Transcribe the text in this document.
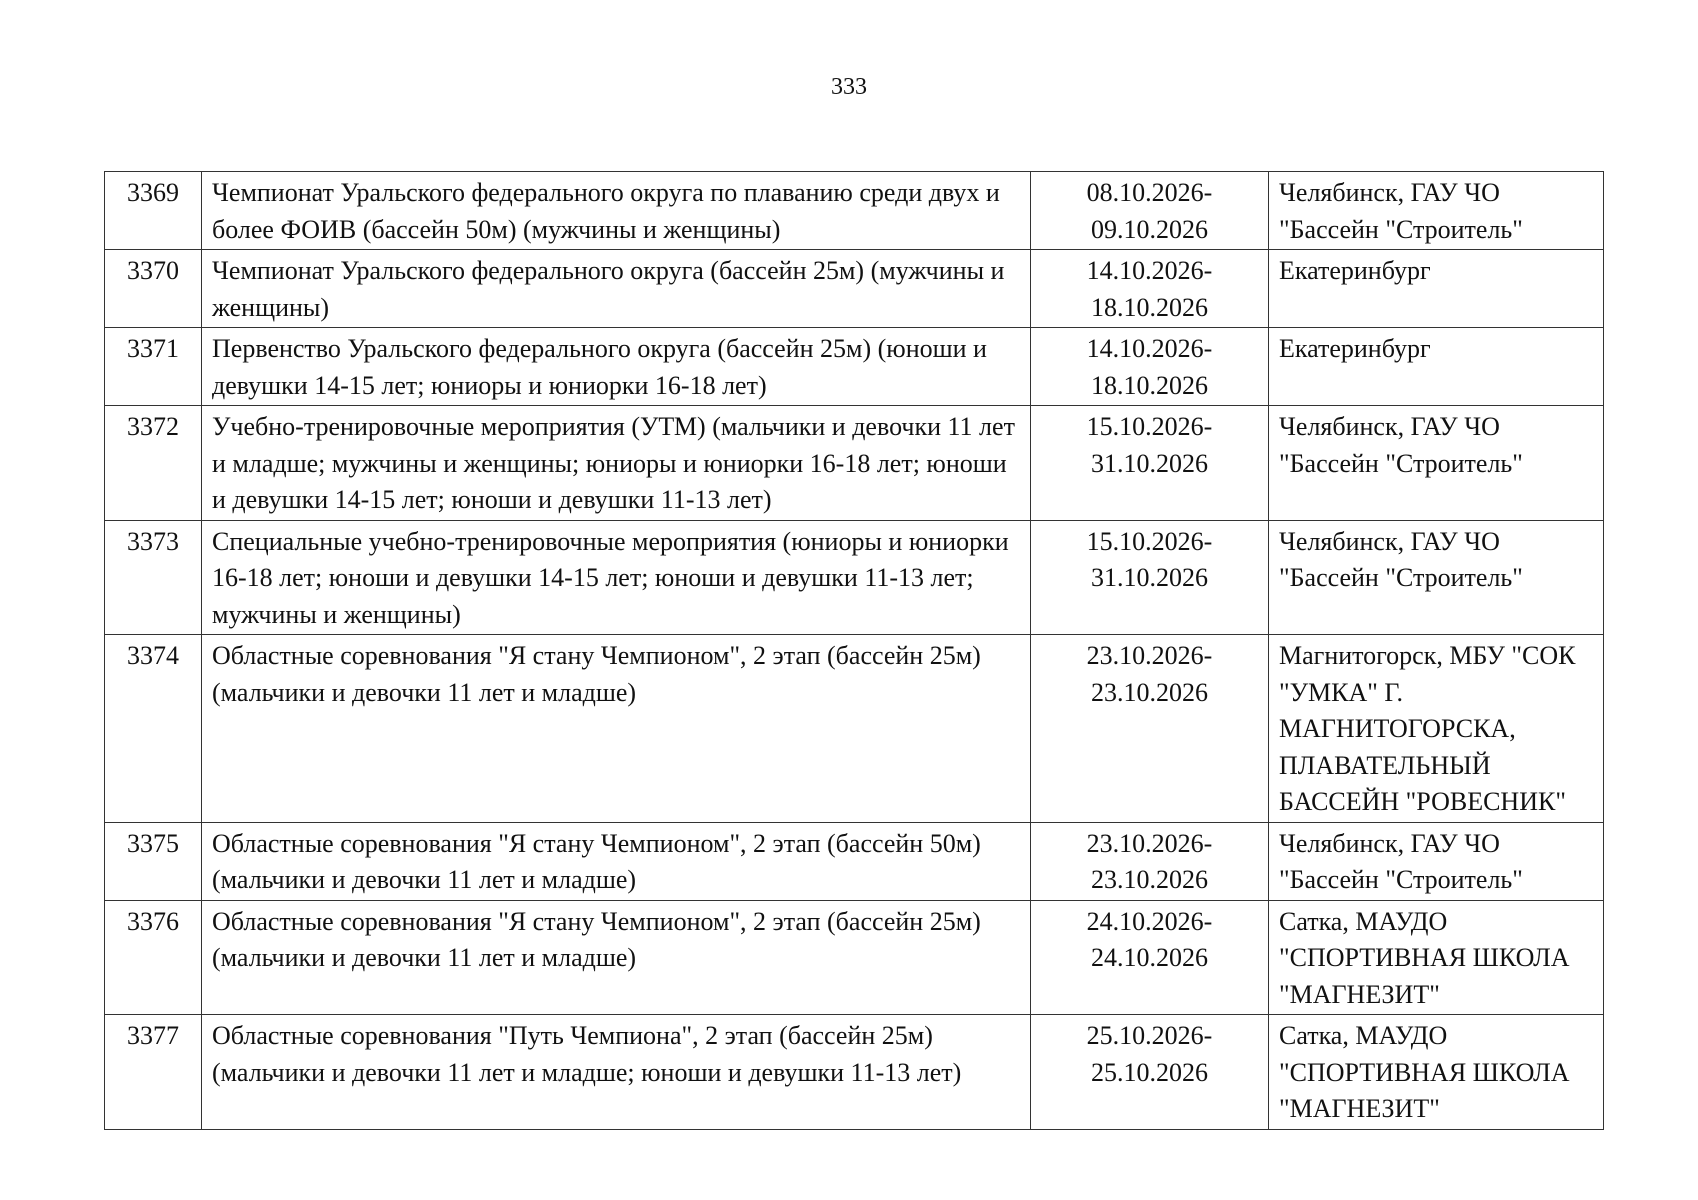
333
3369	Чемпионат Уральского федерального округа по плаванию среди двух и более ФОИВ (бассейн 50м) (мужчины и женщины)	08.10.2026-09.10.2026	Челябинск, ГАУ ЧО "Бассейн "Строитель"
3370	Чемпионат Уральского федерального округа (бассейн 25м) (мужчины и женщины)	14.10.2026-18.10.2026	Екатеринбург
3371	Первенство Уральского федерального округа (бассейн 25м) (юноши и девушки 14-15 лет; юниоры и юниорки 16-18 лет)	14.10.2026-18.10.2026	Екатеринбург
3372	Учебно-тренировочные мероприятия (УТМ) (мальчики и девочки 11 лет и младше; мужчины и женщины; юниоры и юниорки 16-18 лет; юноши и девушки 14-15 лет; юноши и девушки 11-13 лет)	15.10.2026-31.10.2026	Челябинск, ГАУ ЧО "Бассейн "Строитель"
3373	Специальные учебно-тренировочные мероприятия (юниоры и юниорки 16-18 лет; юноши и девушки 14-15 лет; юноши и девушки 11-13 лет; мужчины и женщины)	15.10.2026-31.10.2026	Челябинск, ГАУ ЧО "Бассейн "Строитель"
3374	Областные соревнования "Я стану Чемпионом", 2 этап (бассейн 25м) (мальчики и девочки 11 лет и младше)	23.10.2026-23.10.2026	Магнитогорск, МБУ "СОК "УМКА" Г. МАГНИТОГОРСКА, ПЛАВАТЕЛЬНЫЙ БАССЕЙН "РОВЕСНИК"
3375	Областные соревнования "Я стану Чемпионом", 2 этап (бассейн 50м) (мальчики и девочки 11 лет и младше)	23.10.2026-23.10.2026	Челябинск, ГАУ ЧО "Бассейн "Строитель"
3376	Областные соревнования "Я стану Чемпионом", 2 этап (бассейн 25м) (мальчики и девочки 11 лет и младше)	24.10.2026-24.10.2026	Сатка, МАУДО "СПОРТИВНАЯ ШКОЛА "МАГНЕЗИТ"
3377	Областные соревнования "Путь Чемпиона", 2 этап (бассейн 25м) (мальчики и девочки 11 лет и младше; юноши и девушки 11-13 лет)	25.10.2026-25.10.2026	Сатка, МАУДО "СПОРТИВНАЯ ШКОЛА "МАГНЕЗИТ"
